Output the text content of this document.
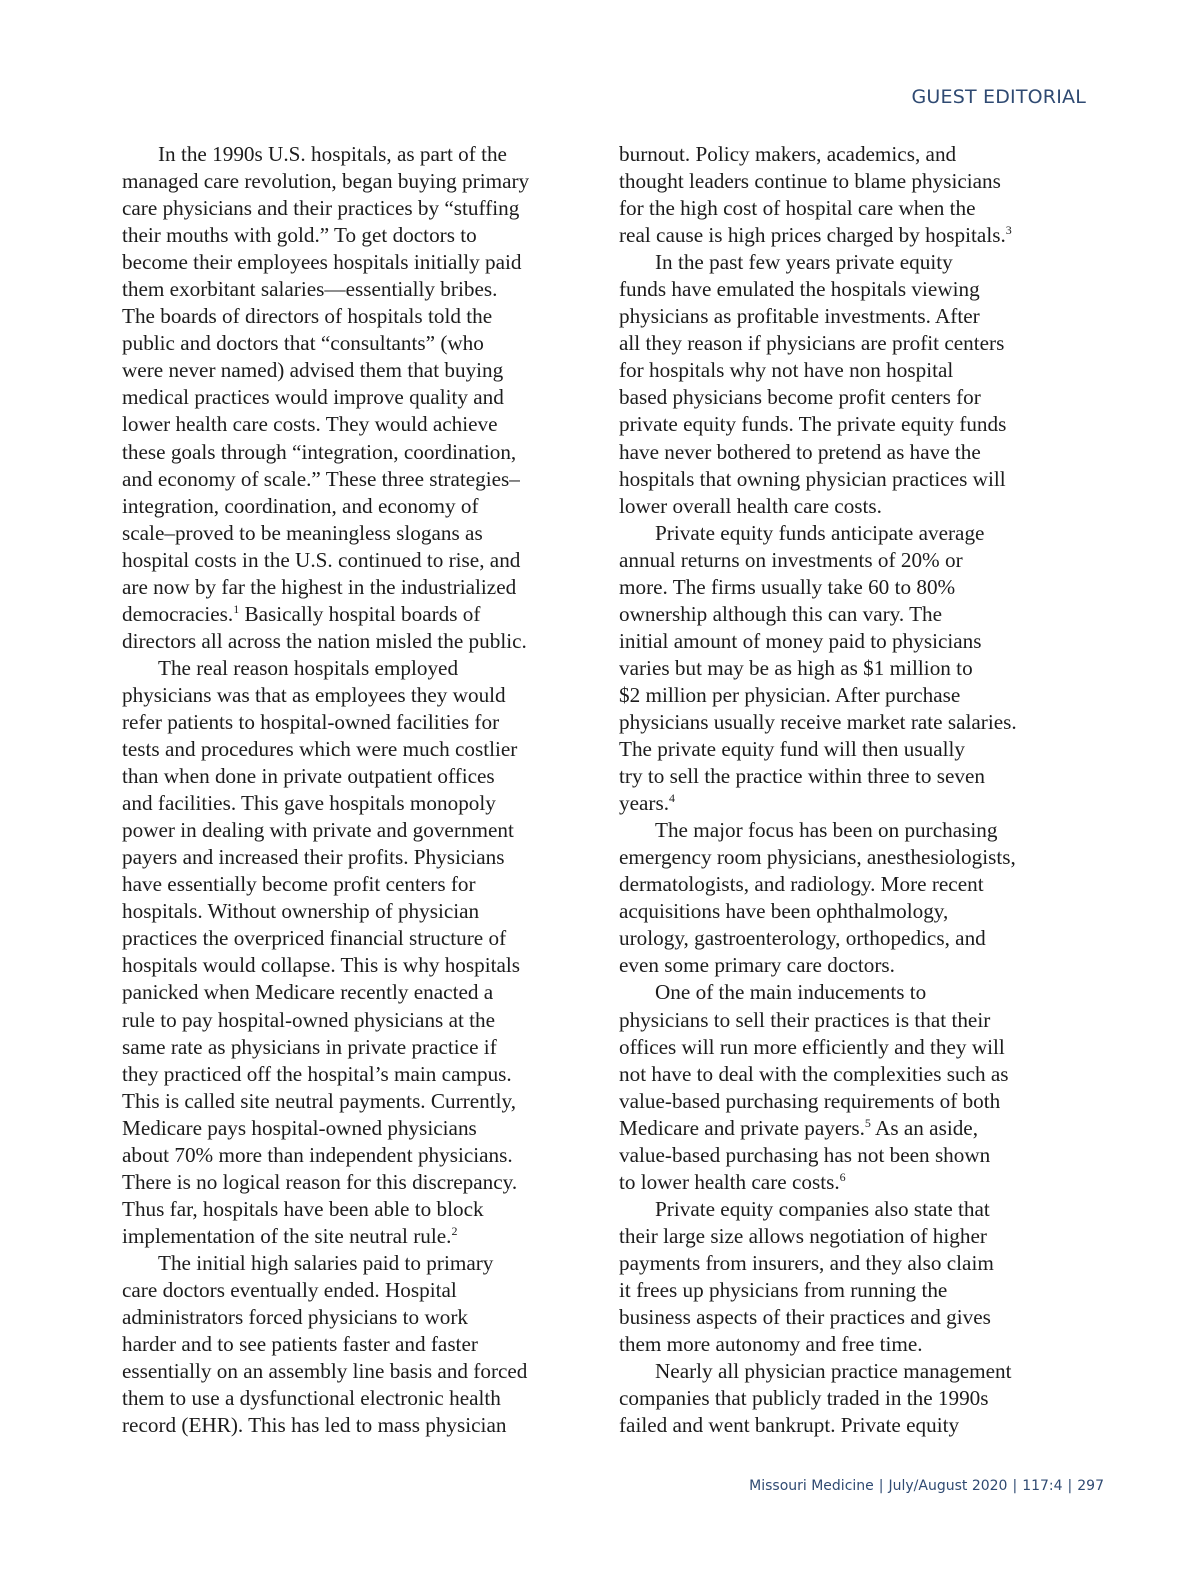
GUEST EDITORIAL
In the 1990s U.S. hospitals, as part of the
managed care revolution, began buying primary
care physicians and their practices by “stuffing
their mouths with gold.” To get doctors to
become their employees hospitals initially paid
them exorbitant salaries—essentially bribes.
The boards of directors of hospitals told the
public and doctors that “consultants” (who
were never named) advised them that buying
medical practices would improve quality and
lower health care costs. They would achieve
these goals through “integration, coordination,
and economy of scale.” These three strategies–
integration, coordination, and economy of
scale–proved to be meaningless slogans as
hospital costs in the U.S. continued to rise, and
are now by far the highest in the industrialized
democracies.$^1$ Basically hospital boards of
directors all across the nation misled the public.
The real reason hospitals employed
physicians was that as employees they would
refer patients to hospital-owned facilities for
tests and procedures which were much costlier
than when done in private outpatient offices
and facilities. This gave hospitals monopoly
power in dealing with private and government
payers and increased their profits. Physicians
have essentially become profit centers for
hospitals. Without ownership of physician
practices the overpriced financial structure of
hospitals would collapse. This is why hospitals
panicked when Medicare recently enacted a
rule to pay hospital-owned physicians at the
same rate as physicians in private practice if
they practiced off the hospital’s main campus.
This is called site neutral payments. Currently,
Medicare pays hospital-owned physicians
about 70% more than independent physicians.
There is no logical reason for this discrepancy.
Thus far, hospitals have been able to block
implementation of the site neutral rule.$^2$
The initial high salaries paid to primary
care doctors eventually ended. Hospital
administrators forced physicians to work
harder and to see patients faster and faster
essentially on an assembly line basis and forced
them to use a dysfunctional electronic health
record (EHR). This has led to mass physician
burnout. Policy makers, academics, and
thought leaders continue to blame physicians
for the high cost of hospital care when the
real cause is high prices charged by hospitals.$^3$
In the past few years private equity
funds have emulated the hospitals viewing
physicians as profitable investments. After
all they reason if physicians are profit centers
for hospitals why not have non hospital
based physicians become profit centers for
private equity funds. The private equity funds
have never bothered to pretend as have the
hospitals that owning physician practices will
lower overall health care costs.
Private equity funds anticipate average
annual returns on investments of 20% or
more. The firms usually take 60 to 80%
ownership although this can vary. The
initial amount of money paid to physicians
varies but may be as high as $1 million to
$2 million per physician. After purchase
physicians usually receive market rate salaries.
The private equity fund will then usually
try to sell the practice within three to seven
years.$^4$
The major focus has been on purchasing
emergency room physicians, anesthesiologists,
dermatologists, and radiology. More recent
acquisitions have been ophthalmology,
urology, gastroenterology, orthopedics, and
even some primary care doctors.
One of the main inducements to
physicians to sell their practices is that their
offices will run more efficiently and they will
not have to deal with the complexities such as
value-based purchasing requirements of both
Medicare and private payers.$^5$ As an aside,
value-based purchasing has not been shown
to lower health care costs.$^6$
Private equity companies also state that
their large size allows negotiation of higher
payments from insurers, and they also claim
it frees up physicians from running the
business aspects of their practices and gives
them more autonomy and free time.
Nearly all physician practice management
companies that publicly traded in the 1990s
failed and went bankrupt. Private equity
Missouri Medicine | July/August 2020 | 117:4 | 297
